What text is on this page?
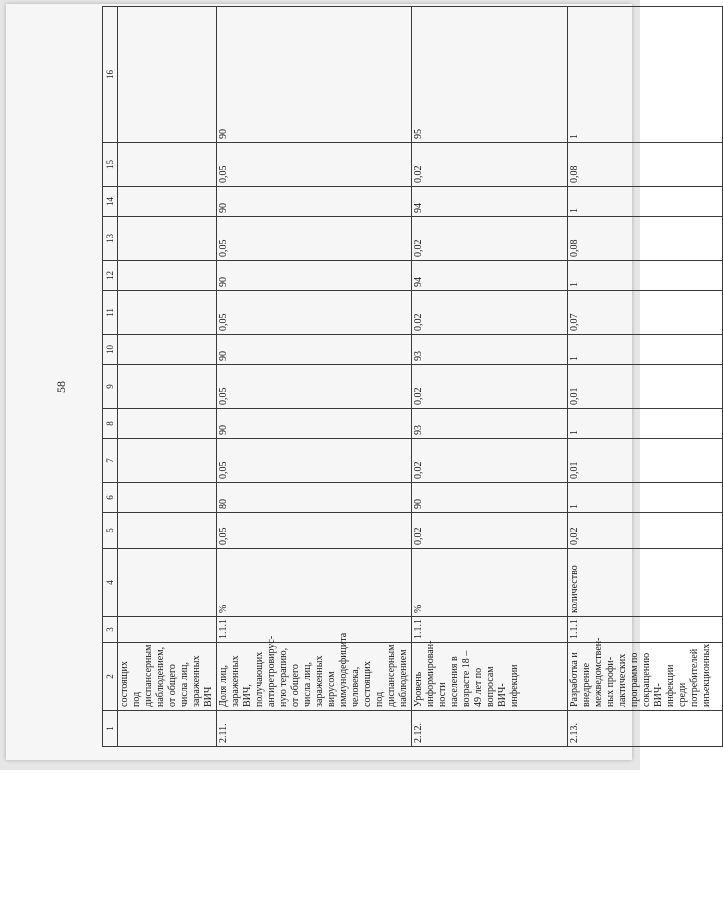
58
1	2	3	4	5	6	7	8	9	10	11	12	13	14	15	16
	состоящих под диспансерным наблюдением, от общего числа лиц, зараженных ВИЧ														
2.11.	Доля лиц, зараженных ВИЧ, получающих антиретровирус-ную терапию, от общего числа лиц, зараженных вирусом иммунодефицита человека, состоящих под диспансерным наблюдением	1.1.1	%	0,05	80	0,05	90	0,05	90	0,05	90	0,05	90	0,05	90
2.12.	Уровень информирован-ности населения в возрасте 18 – 49 лет по вопросам ВИЧ-инфекции	1.1.1	%	0,02	90	0,02	93	0,02	93	0,02	94	0,02	94	0,02	95
2.13.	Разработка и внедрение межведомствен-ных профи-лактических программ по сокращению ВИЧ-инфекции среди потребителей инъекционных	1.1.1	количество	0,02	1	0,01	1	0,01	1	0,07	1	0,08	1	0,08	1
